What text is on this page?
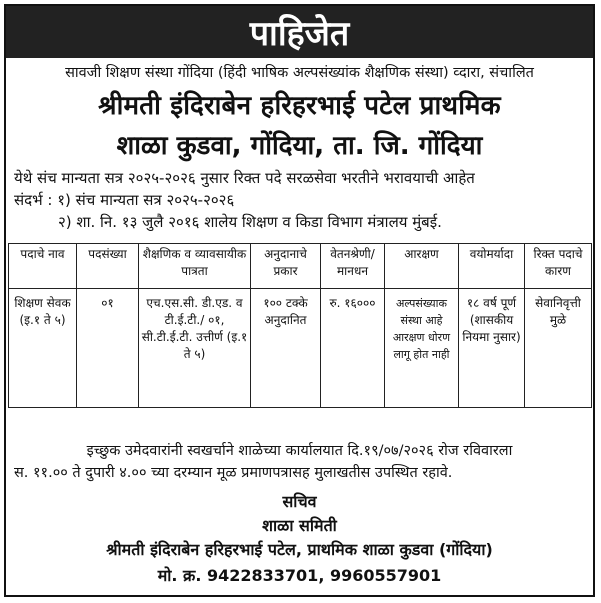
पाहिजेत
सावजी शिक्षण संस्था गोंदिया (हिंदी भाषिक अल्पसंख्यांक शैक्षणिक संस्था) व्दारा, संचालित
श्रीमती इंदिराबेन हरिहरभाई पटेल प्राथमिक
शाळा कुडवा, गोंदिया, ता. जि. गोंदिया
येथे संच मान्यता सत्र २०२५-२०२६ नुसार रिक्त पदे सरळसेवा भरतीने भरावयाची आहेत
संदर्भ : १) संच मान्यता सत्र २०२५-२०२६
२) शा. नि. १३ जुलै २०१६ शालेय शिक्षण व किडा विभाग मंत्रालय मुंबई.
पदाचे नाव	पदसंख्या	शैक्षणिक व व्यावसायीक पात्रता	अनुदानाचे प्रकार	वेतनश्रेणी/ मानधन	आरक्षण	वयोमर्यादा	रिक्त पदाचे कारण
शिक्षण सेवक (इ.१ ते ५)	०१	एच.एस.सी. डी.एड. व टी.ई.टी./ ०१, सी.टी.ई.टी. उत्तीर्ण (इ.१ ते ५)	१०० टक्के अनुदानित	रु. १६०००	अल्पसंख्याक संस्था आहे आरक्षण धोरण लागू होत नाही	१८ वर्ष पूर्ण (शासकीय नियमा नुसार)	सेवानिवृत्ती मुळे
इच्छुक उमेदवारांनी स्वखर्चाने शाळेच्या कार्यालयात दि.१९/०७/२०२६ रोज रविवारला
स. ११.०० ते दुपारी ४.०० च्या दरम्यान मूळ प्रमाणपत्रासह मुलाखतीस उपस्थित रहावे.
सचिव
शाळा समिती
श्रीमती इंदिराबेन हरिहरभाई पटेल, प्राथमिक शाळा कुडवा (गोंदिया)
मो. क्र. 9422833701, 9960557901
